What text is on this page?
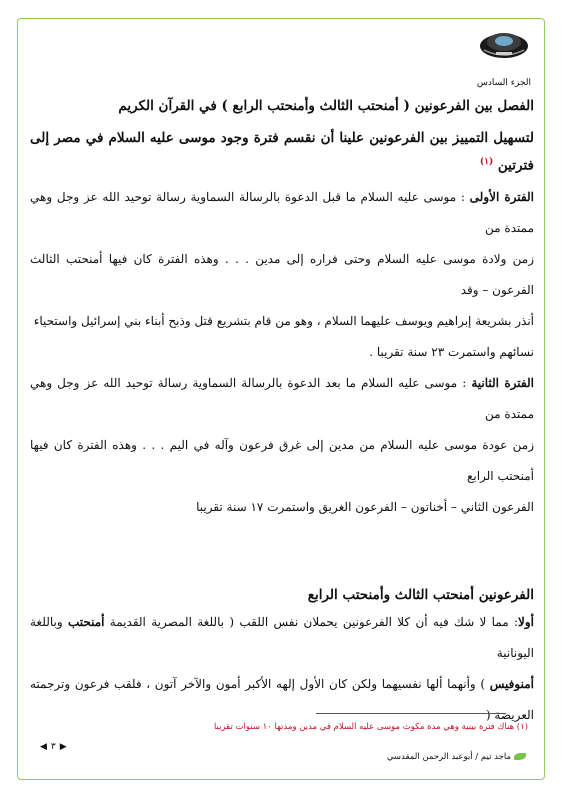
الجزء السادس

الفصل بين الفرعونين ( أمنحتب الثالث وأمنحتب الرابع ) في القرآن الكريم

لتسهيل التمييز بين الفرعونين علينا أن نقسم فترة وجود موسى عليه السلام في مصر إلى فترتين $^{(١)}$

الفترة الأولى : موسى عليه السلام ما قبل الدعوة بالرسالة السماوية رسالة توحيد الله عز وجل وهي ممتدة من

زمن ولادة موسى عليه السلام وحتى فراره إلى مدين . . . وهذه الفترة كان فيها أمنحتب الثالث الفرعون – وقد

أنذر بشريعة إبراهيم ويوسف عليهما السلام ، وهو من قام بتشريع قتل وذبح أبناء بني إسرائيل واستحياء

نسائهم واستمرت ٢٣ سنة تقريبا .

الفترة الثانية : موسى عليه السلام ما بعد الدعوة بالرسالة السماوية رسالة توحيد الله عز وجل وهي ممتدة من

زمن عودة موسى عليه السلام من مدين إلى غرق فرعون وآله في اليم . . . وهذه الفترة كان فيها أمنحتب الرابع

الفرعون الثاني – أخناتون – الفرعون الغريق واستمرت ١٧ سنة تقريبا

الفرعونين أمنحتب الثالث وأمنحتب الرابع

أولا: مما لا شك فيه أن كلا الفرعونين يحملان نفس اللقب ( باللغة المصرية القديمة أمنحتب وباللغة اليونانية

أمنوفيس ) وأنهما ألها نفسيهما ولكن كان الأول إلهه الأكبر أمون والآخر آتون ، فلقب فرعون وترجمته العريضة (

(١) هناك فترة بينية وهي مدة مكوث موسى عليه السلام في مدين ومدتها ١٠ سنوات تقريبا
◀ ٣ ▶
ماجد تيم / أبوعبد الرحمن المقدسي
